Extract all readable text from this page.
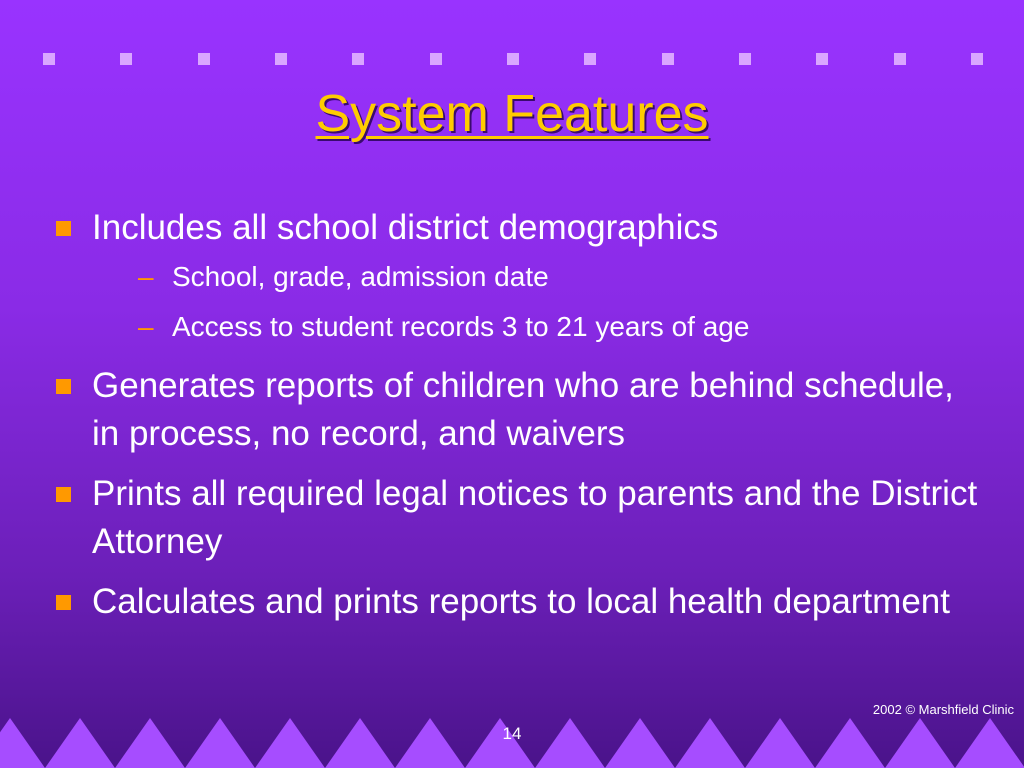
System Features
Includes all school district demographics
– School, grade, admission date
– Access to student records 3 to 21 years of age
Generates reports of children who are behind schedule, in process, no record, and waivers
Prints all required legal notices to parents and the District Attorney
Calculates and prints reports to local health department
2002 © Marshfield Clinic
14
